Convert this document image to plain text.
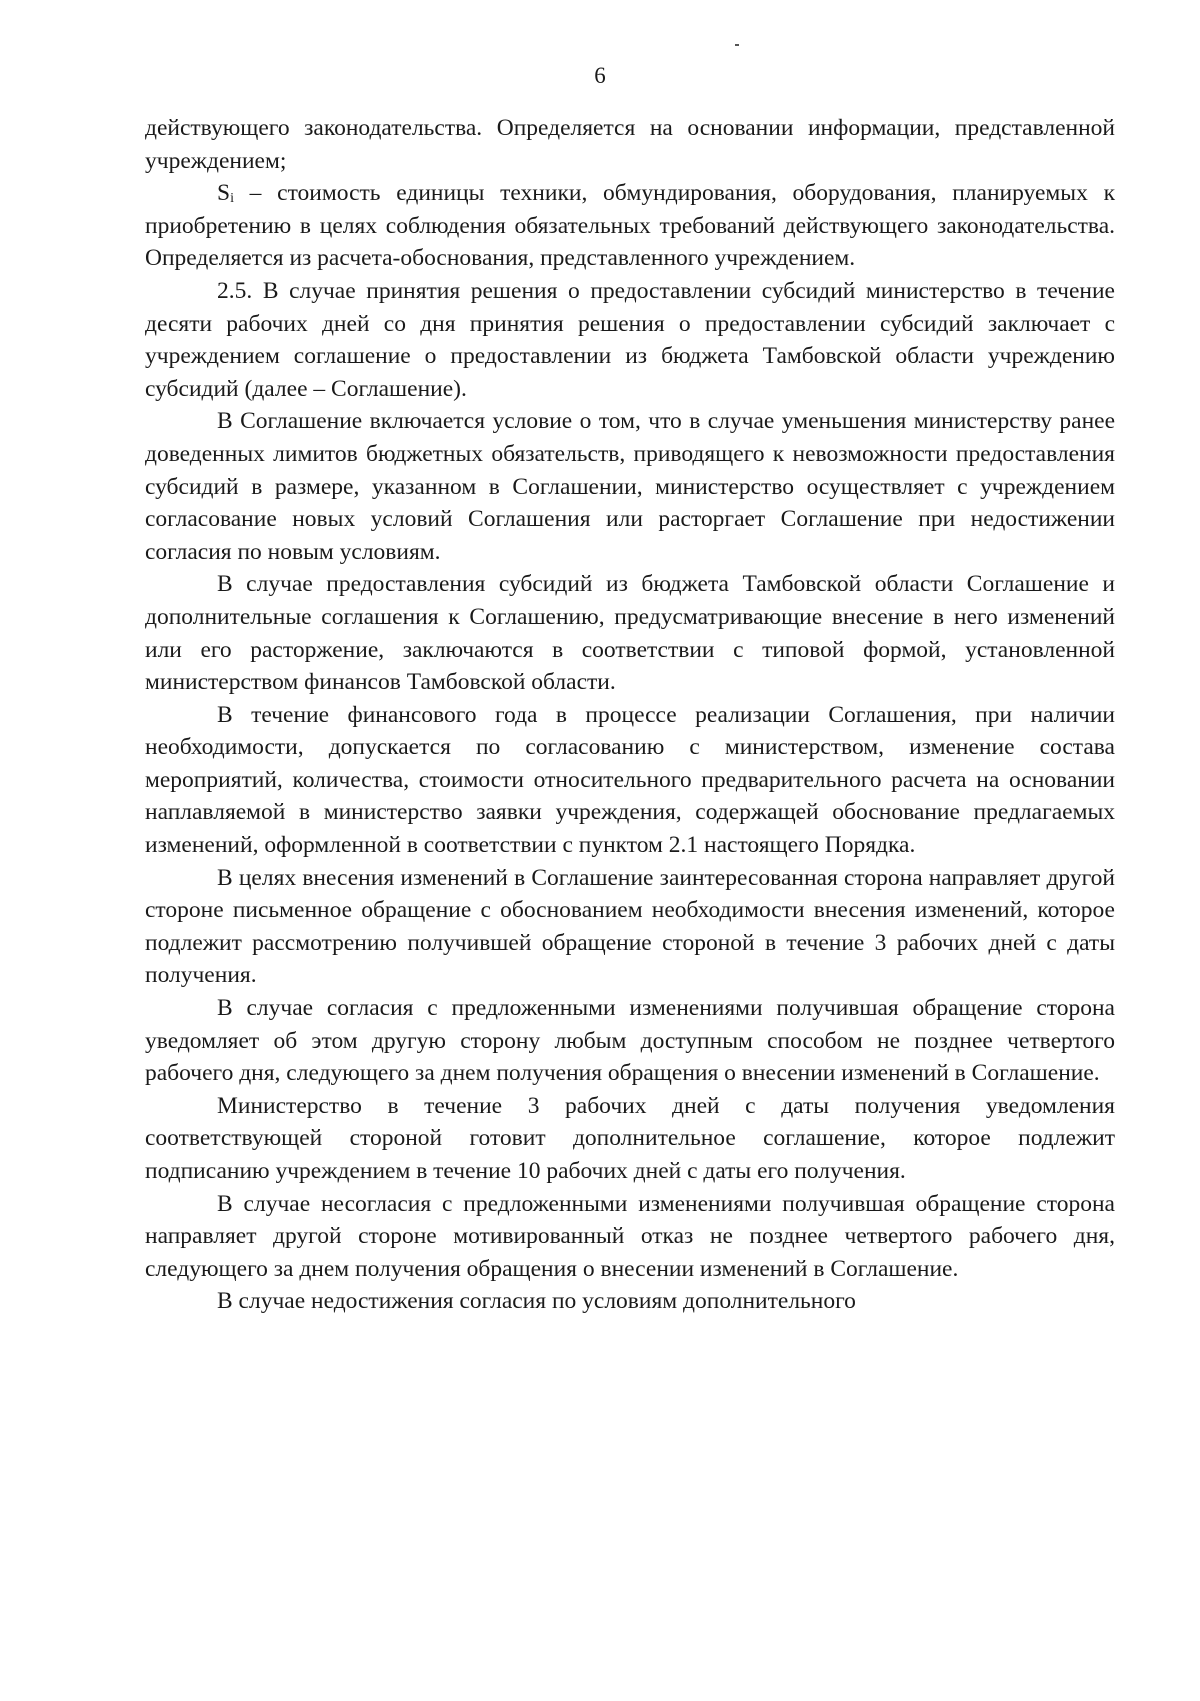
6

действующего законодательства. Определяется на основании информации, представленной учреждением;

Sᵢ – стоимость единицы техники, обмундирования, оборудования, планируемых к приобретению в целях соблюдения обязательных требований действующего законодательства. Определяется из расчета-обоснования, представленного учреждением.

2.5. В случае принятия решения о предоставлении субсидий министерство в течение десяти рабочих дней со дня принятия решения о предоставлении субсидий заключает с учреждением соглашение о предоставлении из бюджета Тамбовской области учреждению субсидий (далее – Соглашение).

В Соглашение включается условие о том, что в случае уменьшения министерству ранее доведенных лимитов бюджетных обязательств, приводящего к невозможности предоставления субсидий в размере, указанном в Соглашении, министерство осуществляет с учреждением согласование новых условий Соглашения или расторгает Соглашение при недостижении согласия по новым условиям.

В случае предоставления субсидий из бюджета Тамбовской области Соглашение и дополнительные соглашения к Соглашению, предусматривающие внесение в него изменений или его расторжение, заключаются в соответствии с типовой формой, установленной министерством финансов Тамбовской области.

В течение финансового года в процессе реализации Соглашения, при наличии необходимости, допускается по согласованию с министерством, изменение состава мероприятий, количества, стоимости относительного предварительного расчета на основании наплавляемой в министерство заявки учреждения, содержащей обоснование предлагаемых изменений, оформленной в соответствии с пунктом 2.1 настоящего Порядка.

В целях внесения изменений в Соглашение заинтересованная сторона направляет другой стороне письменное обращение с обоснованием необходимости внесения изменений, которое подлежит рассмотрению получившей обращение стороной в течение 3 рабочих дней с даты получения.

В случае согласия с предложенными изменениями получившая обращение сторона уведомляет об этом другую сторону любым доступным способом не позднее четвертого рабочего дня, следующего за днем получения обращения о внесении изменений в Соглашение.

Министерство в течение 3 рабочих дней с даты получения уведомления соответствующей стороной готовит дополнительное соглашение, которое подлежит подписанию учреждением в течение 10 рабочих дней с даты его получения.

В случае несогласия с предложенными изменениями получившая обращение сторона направляет другой стороне мотивированный отказ не позднее четвертого рабочего дня, следующего за днем получения обращения о внесении изменений в Соглашение.

В случае недостижения согласия по условиям дополнительного
